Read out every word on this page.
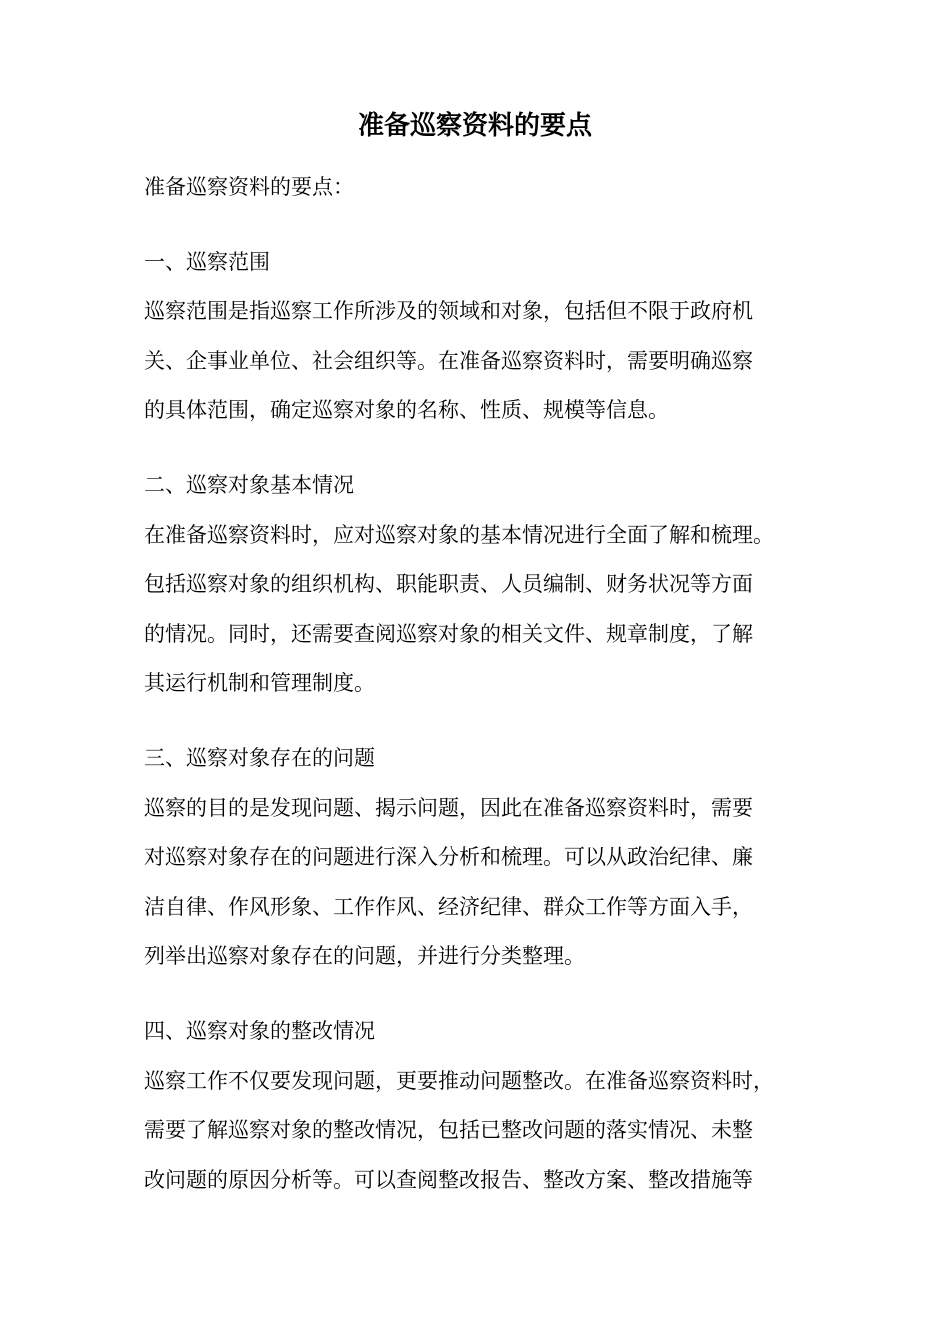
准备巡察资料的要点
准备巡察资料的要点：
一、巡察范围
巡察范围是指巡察工作所涉及的领域和对象，包括但不限于政府机
关、企事业单位、社会组织等。在准备巡察资料时，需要明确巡察
的具体范围，确定巡察对象的名称、性质、规模等信息。
二、巡察对象基本情况
在准备巡察资料时，应对巡察对象的基本情况进行全面了解和梳理。
包括巡察对象的组织机构、职能职责、人员编制、财务状况等方面
的情况。同时，还需要查阅巡察对象的相关文件、规章制度，了解
其运行机制和管理制度。
三、巡察对象存在的问题
巡察的目的是发现问题、揭示问题，因此在准备巡察资料时，需要
对巡察对象存在的问题进行深入分析和梳理。可以从政治纪律、廉
洁自律、作风形象、工作作风、经济纪律、群众工作等方面入手，
列举出巡察对象存在的问题，并进行分类整理。
四、巡察对象的整改情况
巡察工作不仅要发现问题，更要推动问题整改。在准备巡察资料时，
需要了解巡察对象的整改情况，包括已整改问题的落实情况、未整
改问题的原因分析等。可以查阅整改报告、整改方案、整改措施等
